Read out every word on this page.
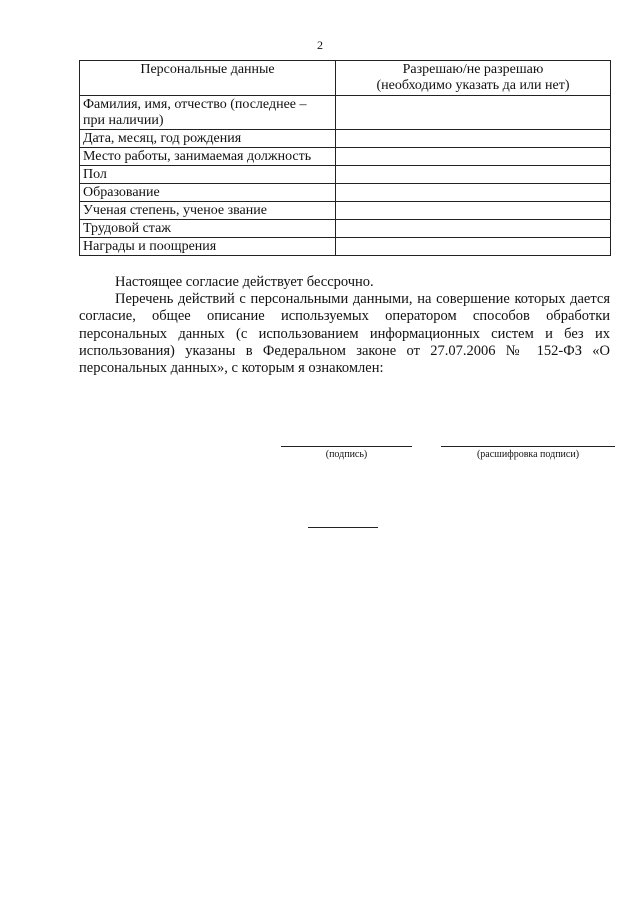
2
Персональные данные	Разрешаю/не разрешаю
(необходимо указать да или нет)

Фамилия, имя, отчество (последнее –
при наличии)	

Дата, месяц, год рождения	
Место работы, занимаемая должность	
Пол	
Образование	
Ученая степень, ученое звание	
Трудовой стаж	
Награды и поощрения	

Настоящее согласие действует бессрочно.

Перечень действий с персональными данными, на совершение которых дается согласие, общее описание используемых оператором способов обработки персональных данных (с использованием информационных систем и без их использования) указаны в Федеральном законе от 27.07.2006 № 152-ФЗ «О персональных данных», с которым я ознакомлен:

(подпись)	(расшифровка подписи)
